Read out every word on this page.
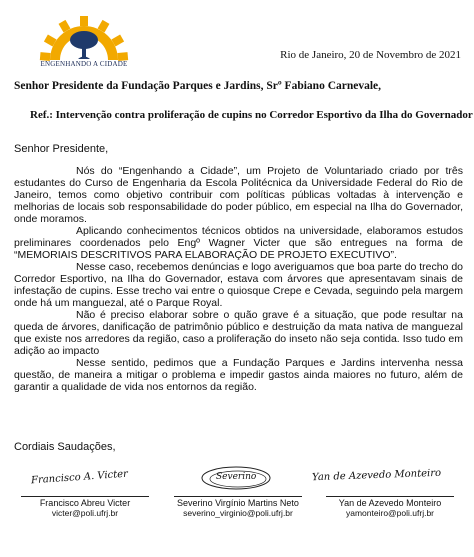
ENGENHANDO A CIDADE
Rio de Janeiro, 20 de Novembro de 2021
Senhor Presidente da Fundação Parques e Jardins, Srº Fabiano Carnevale,
Ref.: Intervenção contra proliferação de cupins no Corredor Esportivo da Ilha do Governador
Senhor Presidente,

Nós do “Engenhando a Cidade”, um Projeto de Voluntariado criado por três estudantes do Curso de Engenharia da Escola Politécnica da Universidade Federal do Rio de Janeiro, temos como objetivo contribuir com políticas públicas voltadas à intervenção e melhorias de locais sob responsabilidade do poder público, em especial na Ilha do Governador, onde moramos.

Aplicando conhecimentos técnicos obtidos na universidade, elaboramos estudos preliminares coordenados pelo Engº Wagner Victer que são entregues na forma de “MEMORIAIS DESCRITIVOS PARA ELABORAÇÃO DE PROJETO EXECUTIVO”.

Nesse caso, recebemos denúncias e logo averiguamos que boa parte do trecho do Corredor Esportivo, na Ilha do Governador, estava com árvores que apresentavam sinais de infestação de cupins. Esse trecho vai entre o quiosque Crepe e Cevada, seguindo pela margem onde há um manguezal, até o Parque Royal.

Não é preciso elaborar sobre o quão grave é a situação, que pode resultar na queda de árvores, danificação de patrimônio público e destruição da mata nativa de manguezal que existe nos arredores da região, caso a proliferação do inseto não seja contida. Isso tudo em adição ao impacto

Nesse sentido, pedimos que a Fundação Parques e Jardins intervenha nessa questão, de maneira a mitigar o problema e impedir gastos ainda maiores no futuro, além de garantir a qualidade de vida nos entornos da região.

Cordiais Saudações,
Francisco A. Victer
Francisco Abreu Victer
victer@poli.ufrj.br
Severino
Severino Virgínio Martins Neto
severino_virginio@poli.ufrj.br
Yan de Azevedo Monteiro
Yan de Azevedo Monteiro
yamonteiro@poli.ufrj.br
